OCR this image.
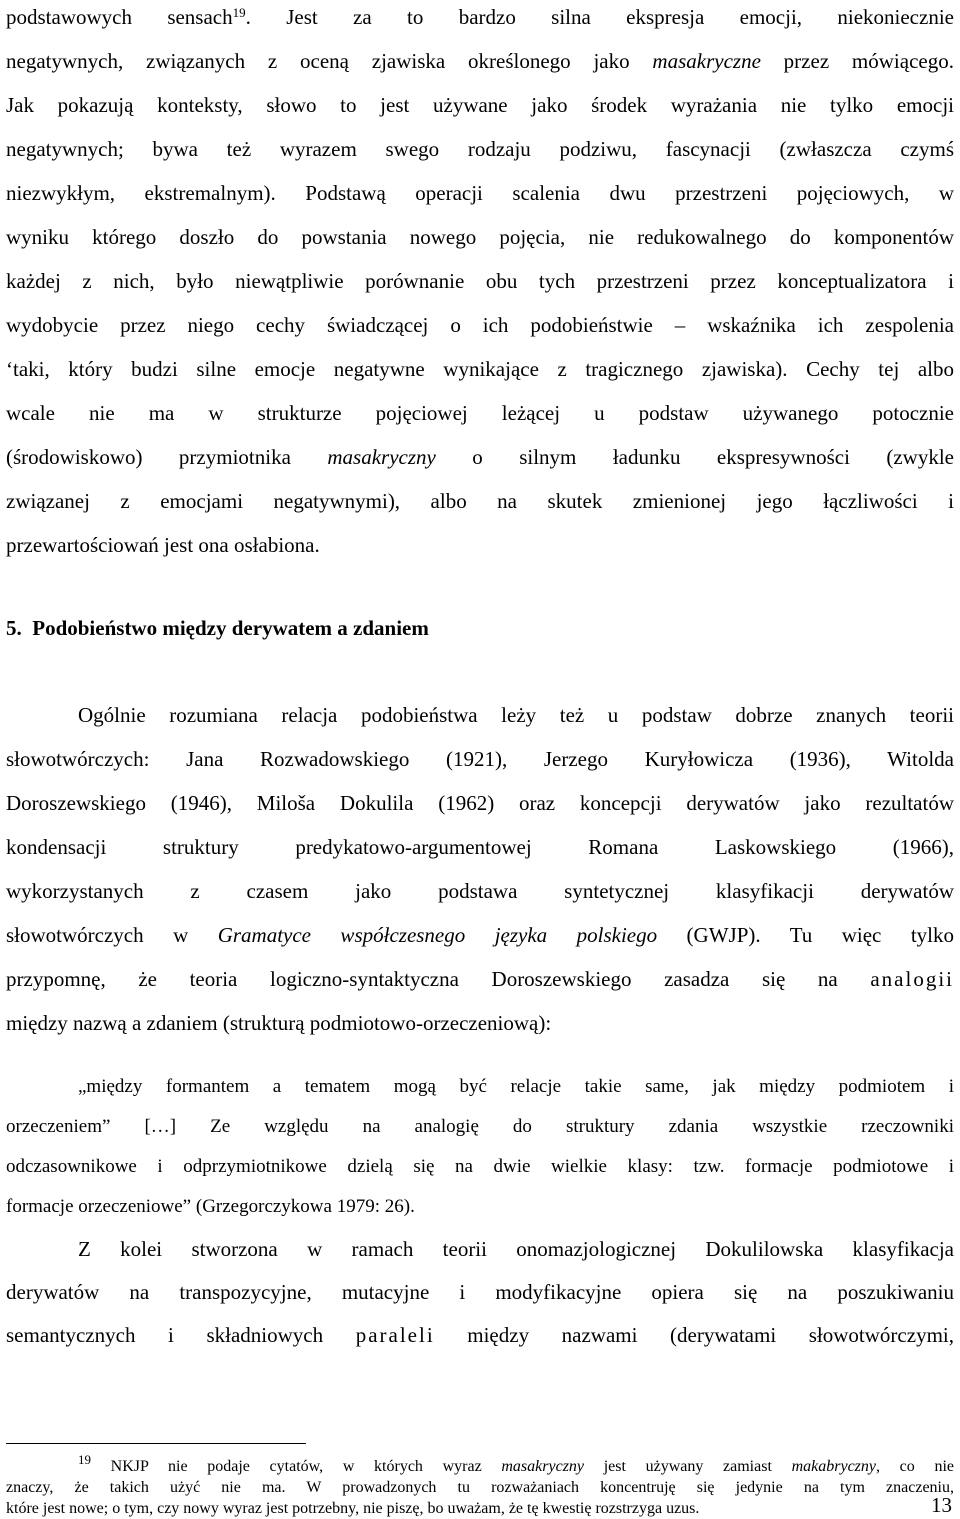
podstawowych sensach$^{19}$. Jest za to bardzo silna ekspresja emocji, niekoniecznie
negatywnych, związanych z oceną zjawiska określonego jako masakryczne przez mówiącego.
Jak pokazują konteksty, słowo to jest używane jako środek wyrażania nie tylko emocji
negatywnych; bywa też wyrazem swego rodzaju podziwu, fascynacji (zwłaszcza czymś
niezwykłym, ekstremalnym). Podstawą operacji scalenia dwu przestrzeni pojęciowych, w
wyniku którego doszło do powstania nowego pojęcia, nie redukowalnego do komponentów
każdej z nich, było niewątpliwie porównanie obu tych przestrzeni przez konceptualizatora i
wydobycie przez niego cechy świadczącej o ich podobieństwie – wskaźnika ich zespolenia
‘taki, który budzi silne emocje negatywne wynikające z tragicznego zjawiska). Cechy tej albo
wcale nie ma w strukturze pojęciowej leżącej u podstaw używanego potocznie
(środowiskowo) przymiotnika masakryczny o silnym ładunku ekspresywności (zwykle
związanej z emocjami negatywnymi), albo na skutek zmienionej jego łączliwości i
przewartościowań jest ona osłabiona.
5. Podobieństwo między derywatem a zdaniem
Ogólnie rozumiana relacja podobieństwa leży też u podstaw dobrze znanych teorii
słowotwórczych: Jana Rozwadowskiego (1921), Jerzego Kuryłowicza (1936), Witolda
Doroszewskiego (1946), Miloša Dokulila (1962) oraz koncepcji derywatów jako rezultatów
kondensacji struktury predykatowo-argumentowej Romana Laskowskiego (1966),
wykorzystanych z czasem jako podstawa syntetycznej klasyfikacji derywatów
słowotwórczych w Gramatyce współczesnego języka polskiego (GWJP). Tu więc tylko
przypomnę, że teoria logiczno-syntaktyczna Doroszewskiego zasadza się na analogii
między nazwą a zdaniem (strukturą podmiotowo-orzeczeniową):
„między formantem a tematem mogą być relacje takie same, jak między podmiotem i
orzeczeniem” […] Ze względu na analogię do struktury zdania wszystkie rzeczowniki
odczasownikowe i odprzymiotnikowe dzielą się na dwie wielkie klasy: tzw. formacje podmiotowe i
formacje orzeczeniowe” (Grzegorczykowa 1979: 26).
Z kolei stworzona w ramach teorii onomazjologicznej Dokulilowska klasyfikacja
derywatów na transpozycyjne, mutacyjne i modyfikacyjne opiera się na poszukiwaniu
semantycznych i składniowych paraleli między nazwami (derywatami słowotwórczymi,
$^{19}$ NKJP nie podaje cytatów, w których wyraz masakryczny jest używany zamiast makabryczny, co nie
znaczy, że takich użyć nie ma. W prowadzonych tu rozważaniach koncentruję się jedynie na tym znaczeniu,
które jest nowe; o tym, czy nowy wyraz jest potrzebny, nie piszę, bo uważam, że tę kwestię rozstrzyga uzus.	13
